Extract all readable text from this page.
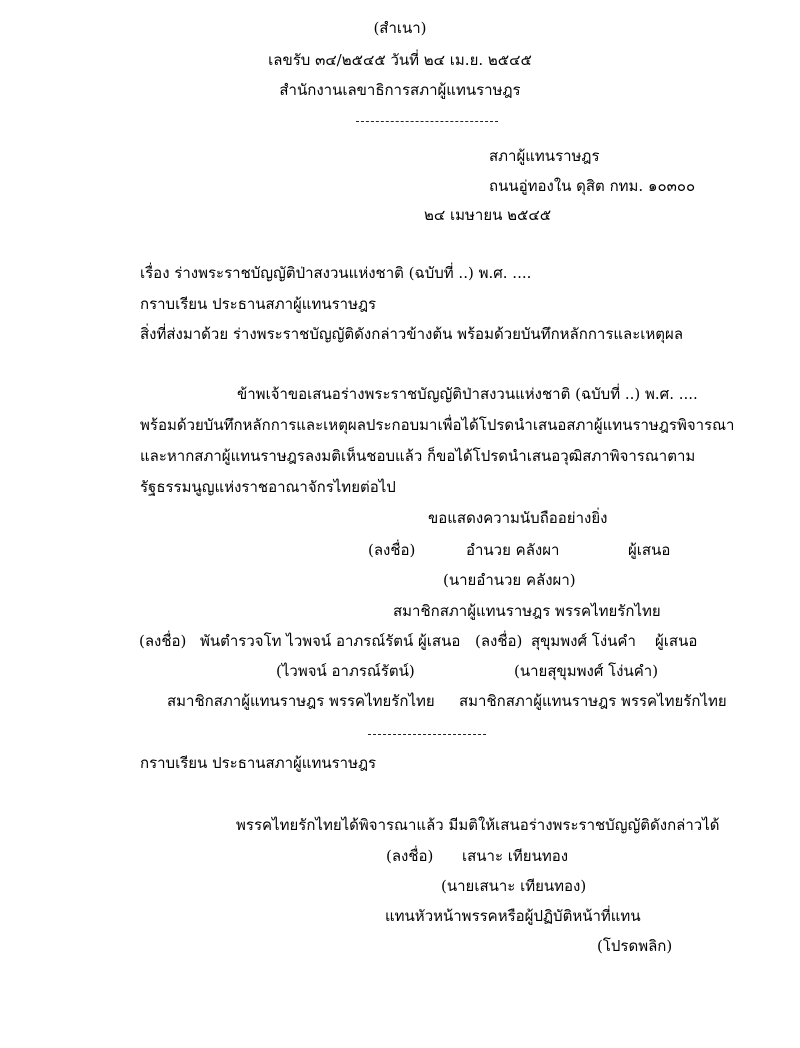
(สำเนา)
เลขรับ ๓๔/๒๕๔๕ วันที่ ๒๔ เม.ย. ๒๕๔๕
สำนักงานเลขาธิการสภาผู้แทนราษฎร
สภาผู้แทนราษฎร
ถนนอู่ทองใน ดุสิต กทม. ๑๐๓๐๐
๒๔ เมษายน ๒๕๔๕
เรื่อง ร่างพระราชบัญญัติป่าสงวนแห่งชาติ (ฉบับที่ ..) พ.ศ. ....
กราบเรียน ประธานสภาผู้แทนราษฎร
สิ่งที่ส่งมาด้วย ร่างพระราชบัญญัติดังกล่าวข้างต้น พร้อมด้วยบันทึกหลักการและเหตุผล
ข้าพเจ้าขอเสนอร่างพระราชบัญญัติป่าสงวนแห่งชาติ (ฉบับที่ ..) พ.ศ. ....
พร้อมด้วยบันทึกหลักการและเหตุผลประกอบมาเพื่อได้โปรดนำเสนอสภาผู้แทนราษฎรพิจารณา
และหากสภาผู้แทนราษฎรลงมติเห็นชอบแล้ว ก็ขอได้โปรดนำเสนอวุฒิสภาพิจารณาตาม
รัฐธรรมนูญแห่งราชอาณาจักรไทยต่อไป
ขอแสดงความนับถืออย่างยิ่ง
(ลงชื่อ)	อำนวย คลังผา	ผู้เสนอ
(นายอำนวย คลังผา)
สมาชิกสภาผู้แทนราษฎร พรรคไทยรักไทย
(ลงชื่อ) พันตำรวจโท ไวพจน์ อาภรณ์รัตน์ ผู้เสนอ (ลงชื่อ) สุขุมพงศ์ โง่นคำ ผู้เสนอ
(ไวพจน์ อาภรณ์รัตน์)	(นายสุขุมพงศ์ โง่นคำ)
สมาชิกสภาผู้แทนราษฎร พรรคไทยรักไทย สมาชิกสภาผู้แทนราษฎร พรรคไทยรักไทย
กราบเรียน ประธานสภาผู้แทนราษฎร
พรรคไทยรักไทยได้พิจารณาแล้ว มีมติให้เสนอร่างพระราชบัญญัติดังกล่าวได้
(ลงชื่อ) เสนาะ เทียนทอง
(นายเสนาะ เทียนทอง)
แทนหัวหน้าพรรคหรือผู้ปฏิบัติหน้าที่แทน
(โปรดพลิก)
